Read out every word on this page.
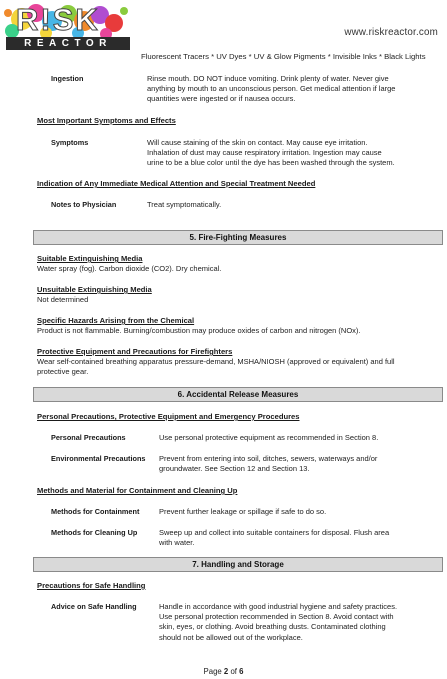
R!SK
REACTOR
www.riskreactor.com
Fluorescent Tracers * UV Dyes * UV & Glow Pigments * Invisible Inks * Black Lights
Ingestion	Rinse mouth. DO NOT induce vomiting. Drink plenty of water. Never give
anything by mouth to an unconscious person. Get medical attention if large
quantities were ingested or if nausea occurs.
Most Important Symptoms and Effects
Symptoms	Will cause staining of the skin on contact. May cause eye irritation.
Inhalation of dust may cause respiratory irritation. Ingestion may cause
urine to be a blue color until the dye has been washed through the system.
Indication of Any Immediate Medical Attention and Special Treatment Needed
Notes to Physician	Treat symptomatically.
5. Fire-Fighting Measures
Suitable Extinguishing Media
Water spray (fog). Carbon dioxide (CO2). Dry chemical.
Unsuitable Extinguishing Media
Not determined
Specific Hazards Arising from the Chemical
Product is not flammable. Burning/combustion may produce oxides of carbon and nitrogen (NOx).
Protective Equipment and Precautions for Firefighters
Wear self-contained breathing apparatus pressure-demand, MSHA/NIOSH (approved or equivalent) and full
protective gear.
6. Accidental Release Measures
Personal Precautions, Protective Equipment and Emergency Procedures
Personal Precautions	Use personal protective equipment as recommended in Section 8.
Environmental Precautions Prevent from entering into soil, ditches, sewers, waterways and/or
groundwater. See Section 12 and Section 13.
Methods and Material for Containment and Cleaning Up
Methods for Containment	Prevent further leakage or spillage if safe to do so.
Methods for Cleaning Up	Sweep up and collect into suitable containers for disposal. Flush area
with water.
7. Handling and Storage
Precautions for Safe Handling
Advice on Safe Handling	Handle in accordance with good industrial hygiene and safety practices.
Use personal protection recommended in Section 8. Avoid contact with
skin, eyes, or clothing. Avoid breathing dusts. Contaminated clothing
should not be allowed out of the workplace.
Page 2 of 6
